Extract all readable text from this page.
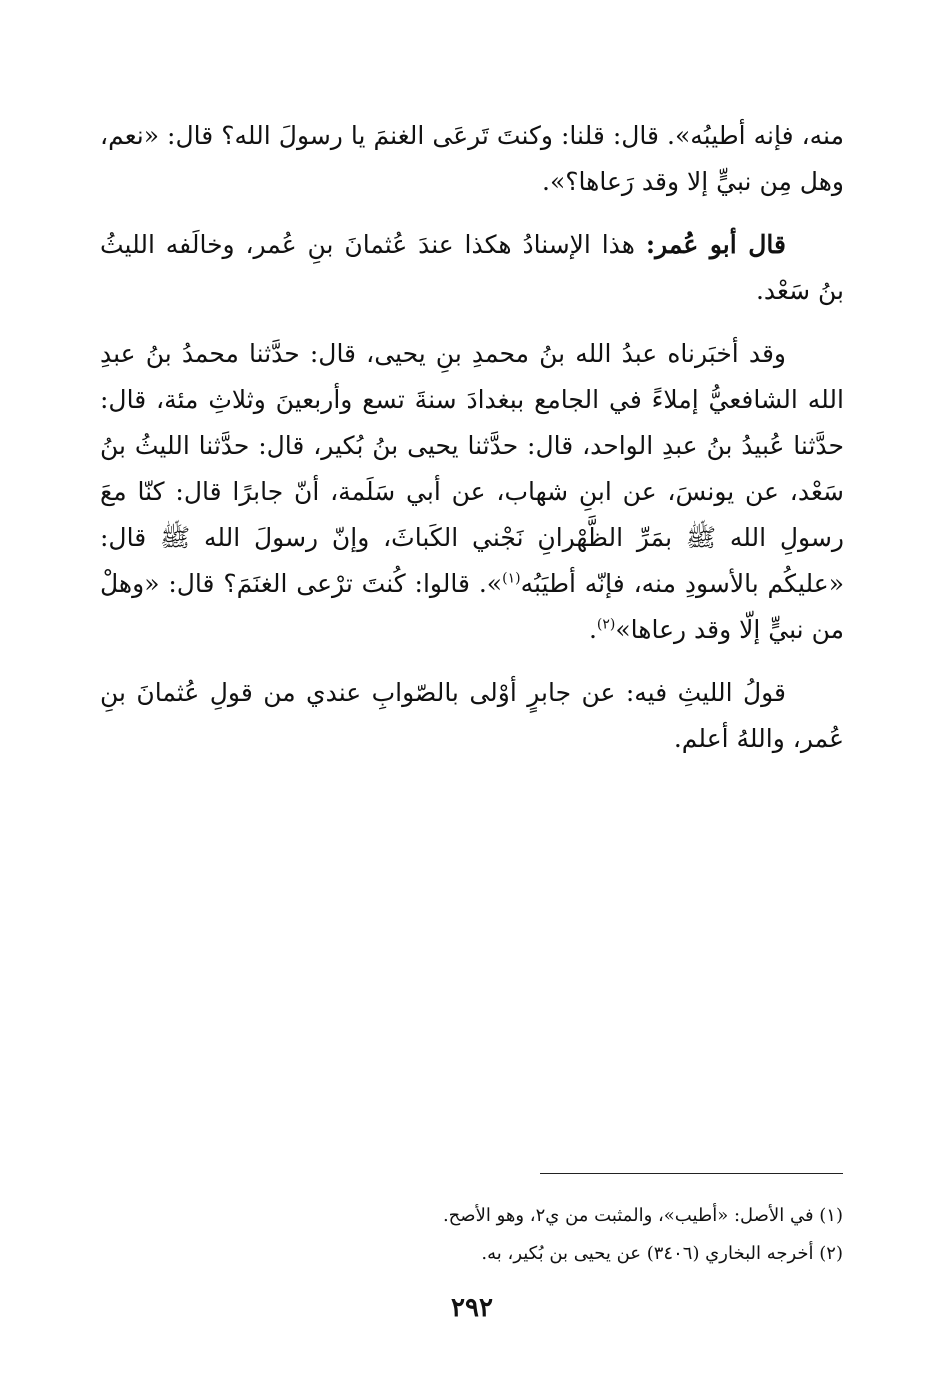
منه، فإنه أطيبُه». قال: قلنا: وكنتَ تَرعَى الغنمَ يا رسولَ الله؟ قال: «نعم، وهل مِن نبيٍّ إلا وقد رَعاها؟».

قال أبو عُمر: هذا الإسنادُ هكذا عندَ عُثمانَ بنِ عُمر، وخالَفه الليثُ بنُ سَعْد.

وقد أخبَرناه عبدُ الله بنُ محمدِ بنِ يحيى، قال: حدَّثنا محمدُ بنُ عبدِ الله الشافعيُّ إملاءً في الجامع ببغدادَ سنةَ تسع وأربعينَ وثلاثِ مئة، قال: حدَّثنا عُبيدُ بنُ عبدِ الواحد، قال: حدَّثنا يحيى بنُ بُكير، قال: حدَّثنا الليثُ بنُ سَعْد، عن يونسَ، عن ابنِ شهاب، عن أبي سَلَمة، أنّ جابرًا قال: كنّا معَ رسولِ الله ﷺ بمَرِّ الظَّهْرانِ نَجْني الكَباثَ، وإنّ رسولَ الله ﷺ قال: «عليكُم بالأسودِ منه، فإنّه أطيَبُه$^{(١)}$». قالوا: كُنتَ ترْعى الغنَمَ؟ قال: «وهلْ من نبيٍّ إلّا وقد رعاها»$^{(٢)}$.

قولُ الليثِ فيه: عن جابرٍ أوْلى بالصّوابِ عندي من قولِ عُثمانَ بنِ عُمر، واللهُ أعلم.

(١) في الأصل: «أطيب»، والمثبت من ي٢، وهو الأصح.

(٢) أخرجه البخاري (٣٤٠٦) عن يحيى بن بُكير، به.

٢٩٢
